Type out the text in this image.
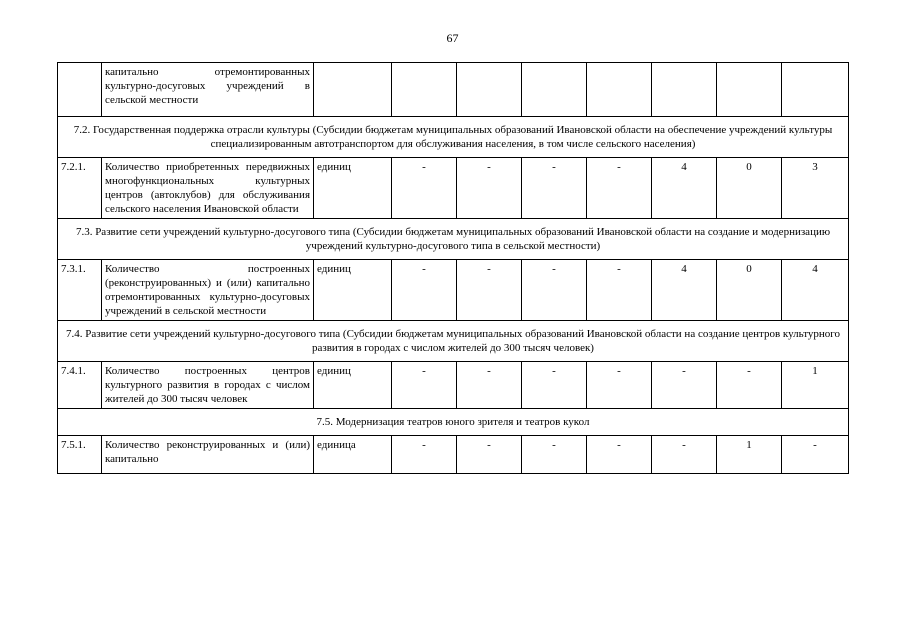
67
	капитально отремонтированных культурно-досуговых учреждений в сельской местности								
7.2. Государственная поддержка отрасли культуры (Субсидии бюджетам муниципальных образований Ивановской области на обеспечение учреждений культуры специализированным автотранспортом для обслуживания населения, в том числе сельского населения)									
7.2.1.	Количество приобретенных передвижных многофункциональных культурных центров (автоклубов) для обслуживания сельского населения Ивановской области	единиц	-	-	-	-	4	0	3
7.3. Развитие сети учреждений культурно-досугового типа (Субсидии бюджетам муниципальных образований Ивановской области на создание и модернизацию учреждений культурно-досугового типа в сельской местности)									
7.3.1.	Количество построенных (реконструированных) и (или) капитально отремонтированных культурно-досуговых учреждений в сельской местности	единиц	-	-	-	-	4	0	4
7.4. Развитие сети учреждений культурно-досугового типа (Субсидии бюджетам муниципальных образований Ивановской области на создание центров культурного развития в городах с числом жителей до 300 тысяч человек)									
7.4.1.	Количество построенных центров культурного развития в городах с числом жителей до 300 тысяч человек	единиц	-	-	-	-	-	-	1
7.5. Модернизация театров юного зрителя и театров кукол									
7.5.1.	Количество реконструированных и (или) капитально	единица	-	-	-	-	-	1	-
